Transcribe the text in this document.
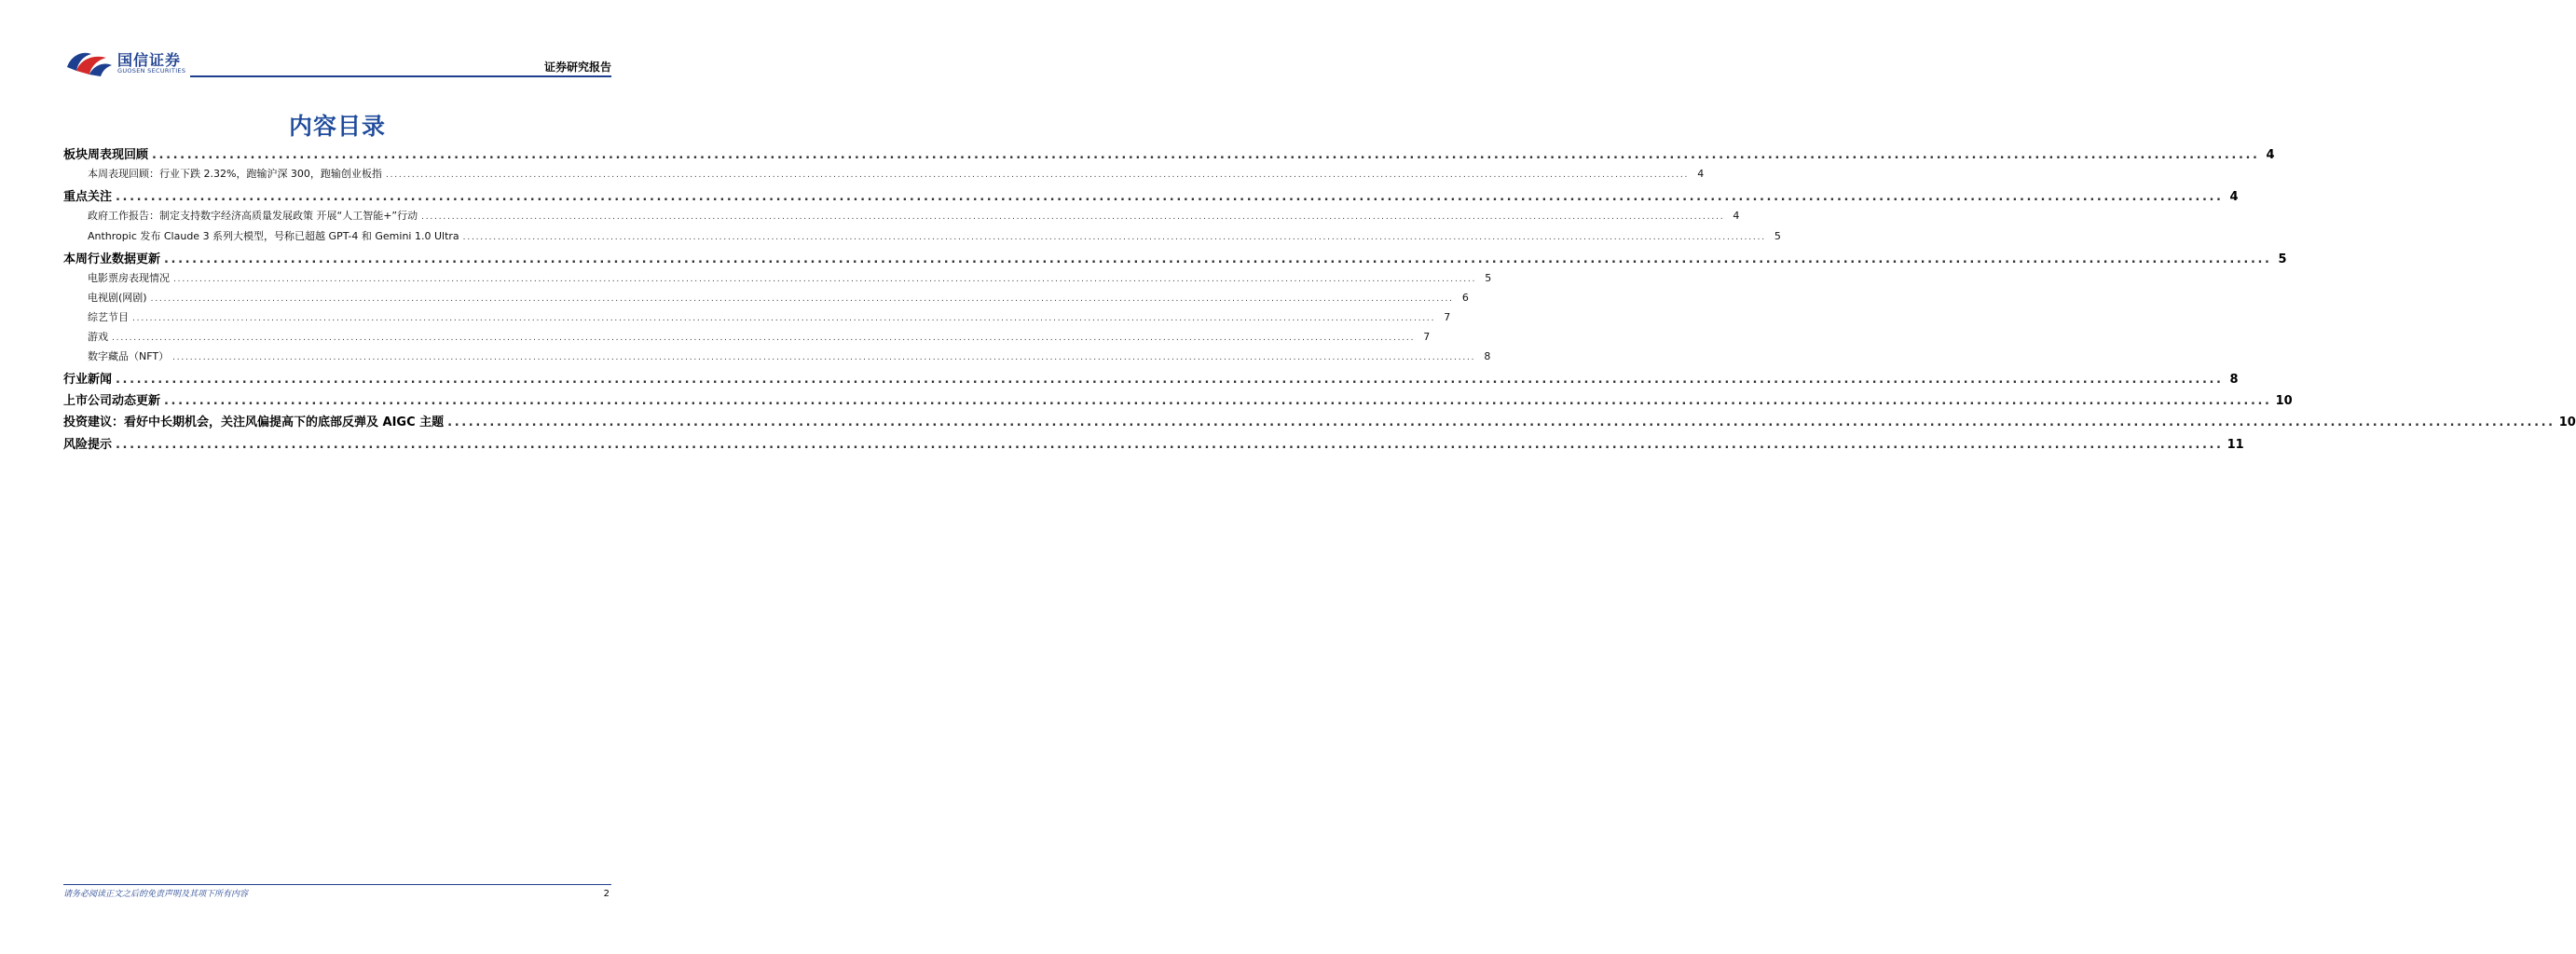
国信证券
GUOSEN SECURITIES	证券研究报告
内容目录
板块周表现回顾 ............................................................................................................................................................................................................................................................................................................ 4
本周表现回顾：行业下跌 2.32%，跑输沪深 300，跑输创业板指 ............................................................................................................................................................................................................................................................................................................ 4
重点关注 ............................................................................................................................................................................................................................................................................................................ 4
政府工作报告：制定支持数字经济高质量发展政策 开展“人工智能+”行动 ............................................................................................................................................................................................................................................................................................................ 4
Anthropic 发布 Claude 3 系列大模型，号称已超越 GPT-4 和 Gemini 1.0 Ultra ............................................................................................................................................................................................................................................................................................................ 5
本周行业数据更新 ............................................................................................................................................................................................................................................................................................................ 5
电影票房表现情况 ............................................................................................................................................................................................................................................................................................................ 5
电视剧(网剧) ............................................................................................................................................................................................................................................................................................................ 6
综艺节目 ............................................................................................................................................................................................................................................................................................................ 7
游戏 ............................................................................................................................................................................................................................................................................................................ 7
数字藏品（NFT） ............................................................................................................................................................................................................................................................................................................ 8
行业新闻 ............................................................................................................................................................................................................................................................................................................ 8
上市公司动态更新 ............................................................................................................................................................................................................................................................................................................ 10
投资建议：看好中长期机会，关注风偏提高下的底部反弹及 AIGC 主题 ............................................................................................................................................................................................................................................................................................................ 10
风险提示 ............................................................................................................................................................................................................................................................................................................ 11
请务必阅读正文之后的免责声明及其项下所有内容	2
